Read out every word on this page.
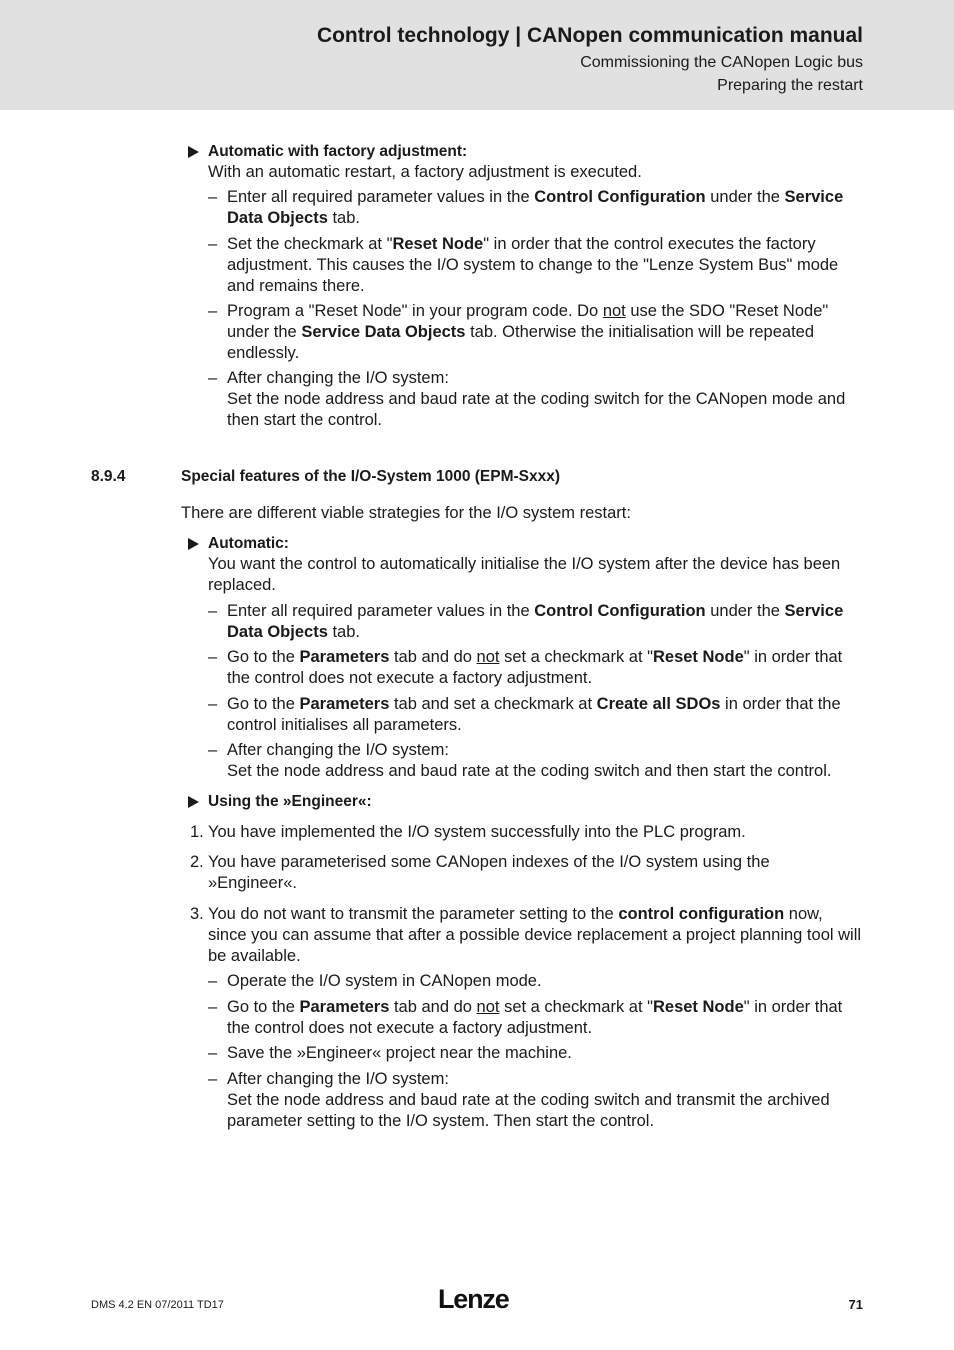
Control technology | CANopen communication manual
Commissioning the CANopen Logic bus
Preparing the restart
Automatic with factory adjustment:
With an automatic restart, a factory adjustment is executed.
– Enter all required parameter values in the Control Configuration under the Service Data Objects tab.
– Set the checkmark at "Reset Node" in order that the control executes the factory adjustment. This causes the I/O system to change to the "Lenze System Bus" mode and remains there.
– Program a "Reset Node" in your program code. Do not use the SDO "Reset Node" under the Service Data Objects tab. Otherwise the initialisation will be repeated endlessly.
– After changing the I/O system:
Set the node address and baud rate at the coding switch for the CANopen mode and then start the control.
8.9.4	Special features of the I/O-System 1000 (EPM-Sxxx)
There are different viable strategies for the I/O system restart:
Automatic:
You want the control to automatically initialise the I/O system after the device has been replaced.
– Enter all required parameter values in the Control Configuration under the Service Data Objects tab.
– Go to the Parameters tab and do not set a checkmark at "Reset Node" in order that the control does not execute a factory adjustment.
– Go to the Parameters tab and set a checkmark at Create all SDOs in order that the control initialises all parameters.
– After changing the I/O system:
Set the node address and baud rate at the coding switch and then start the control.
Using the »Engineer«:
1. You have implemented the I/O system successfully into the PLC program.
2. You have parameterised some CANopen indexes of the I/O system using the »Engineer«.
3. You do not want to transmit the parameter setting to the control configuration now, since you can assume that after a possible device replacement a project planning tool will be available.
– Operate the I/O system in CANopen mode.
– Go to the Parameters tab and do not set a checkmark at "Reset Node" in order that the control does not execute a factory adjustment.
– Save the »Engineer« project near the machine.
– After changing the I/O system:
Set the node address and baud rate at the coding switch and transmit the archived parameter setting to the I/O system. Then start the control.
DMS 4.2 EN 07/2011 TD17	Lenze	71
